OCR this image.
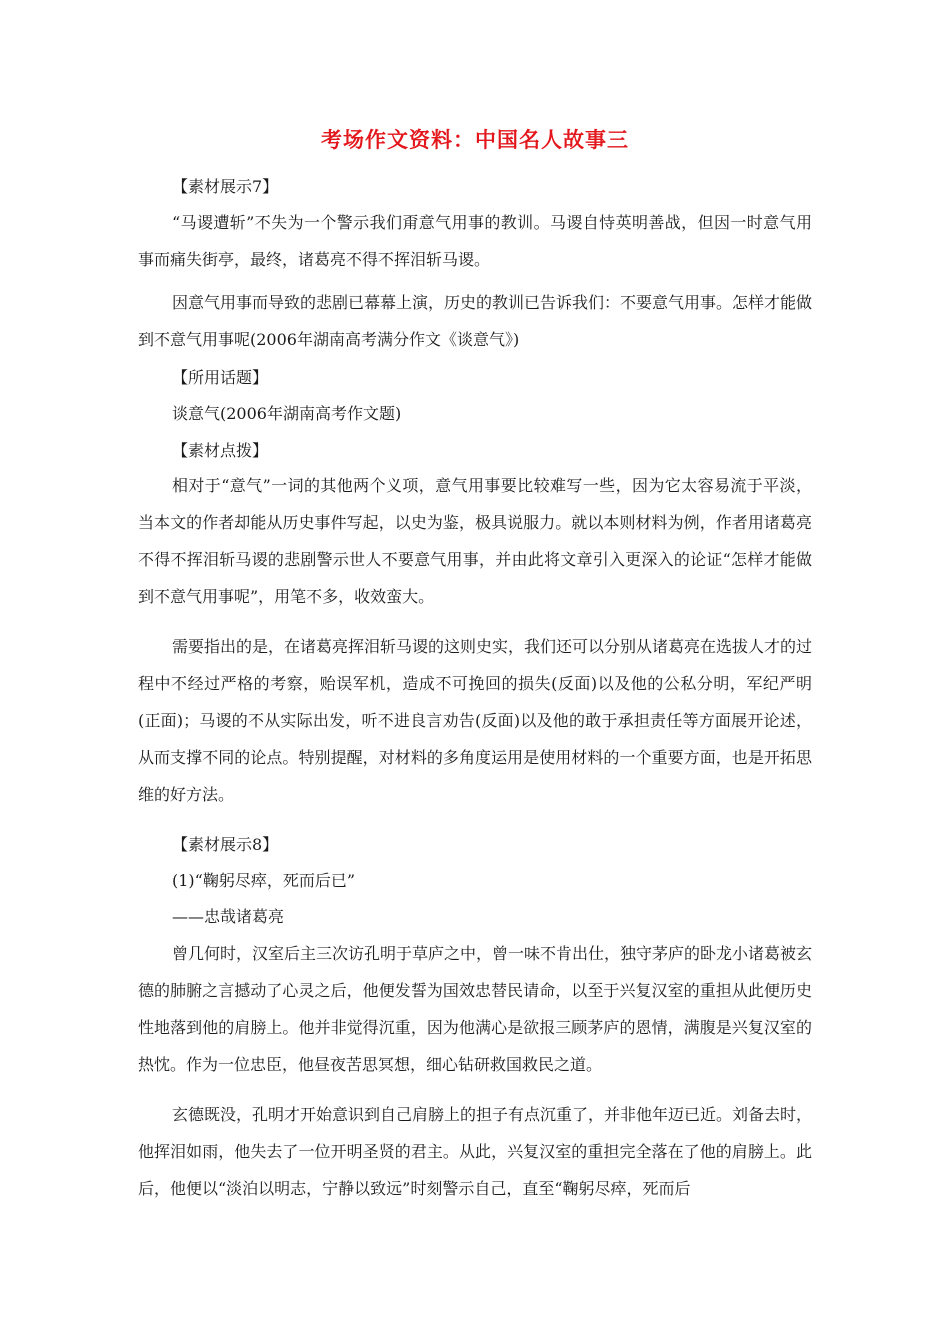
考场作文资料：中国名人故事三

【素材展示7】

“马谡遭斩”不失为一个警示我们甭意气用事的教训。马谡自恃英明善战，但因一时意气用事而痛失街亭，最终，诸葛亮不得不挥泪斩马谡。

因意气用事而导致的悲剧已幕幕上演，历史的教训已告诉我们：不要意气用事。怎样才能做到不意气用事呢(2006年湖南高考满分作文《谈意气》)

【所用话题】

谈意气(2006年湖南高考作文题)

【素材点拨】

相对于“意气”一词的其他两个义项，意气用事要比较难写一些，因为它太容易流于平淡，当本文的作者却能从历史事件写起，以史为鉴，极具说服力。就以本则材料为例，作者用诸葛亮不得不挥泪斩马谡的悲剧警示世人不要意气用事，并由此将文章引入更深入的论证“怎样才能做到不意气用事呢”，用笔不多，收效蛮大。

需要指出的是，在诸葛亮挥泪斩马谡的这则史实，我们还可以分别从诸葛亮在选拔人才的过程中不经过严格的考察，贻误军机，造成不可挽回的损失(反面)以及他的公私分明，军纪严明(正面)；马谡的不从实际出发，听不进良言劝告(反面)以及他的敢于承担责任等方面展开论述，从而支撑不同的论点。特别提醒，对材料的多角度运用是使用材料的一个重要方面，也是开拓思维的好方法。

【素材展示8】

(1)“鞠躬尽瘁，死而后已”

——忠哉诸葛亮

曾几何时，汉室后主三次访孔明于草庐之中，曾一味不肯出仕，独守茅庐的卧龙小诸葛被玄德的肺腑之言撼动了心灵之后，他便发誓为国效忠替民请命，以至于兴复汉室的重担从此便历史性地落到他的肩膀上。他并非觉得沉重，因为他满心是欲报三顾茅庐的恩情，满腹是兴复汉室的热忱。作为一位忠臣，他昼夜苦思冥想，细心钻研救国救民之道。

玄德既没，孔明才开始意识到自己肩膀上的担子有点沉重了，并非他年迈已近。刘备去时，他挥泪如雨，他失去了一位开明圣贤的君主。从此，兴复汉室的重担完全落在了他的肩膀上。此后，他便以“淡泊以明志，宁静以致远”时刻警示自己，直至“鞠躬尽瘁，死而后
